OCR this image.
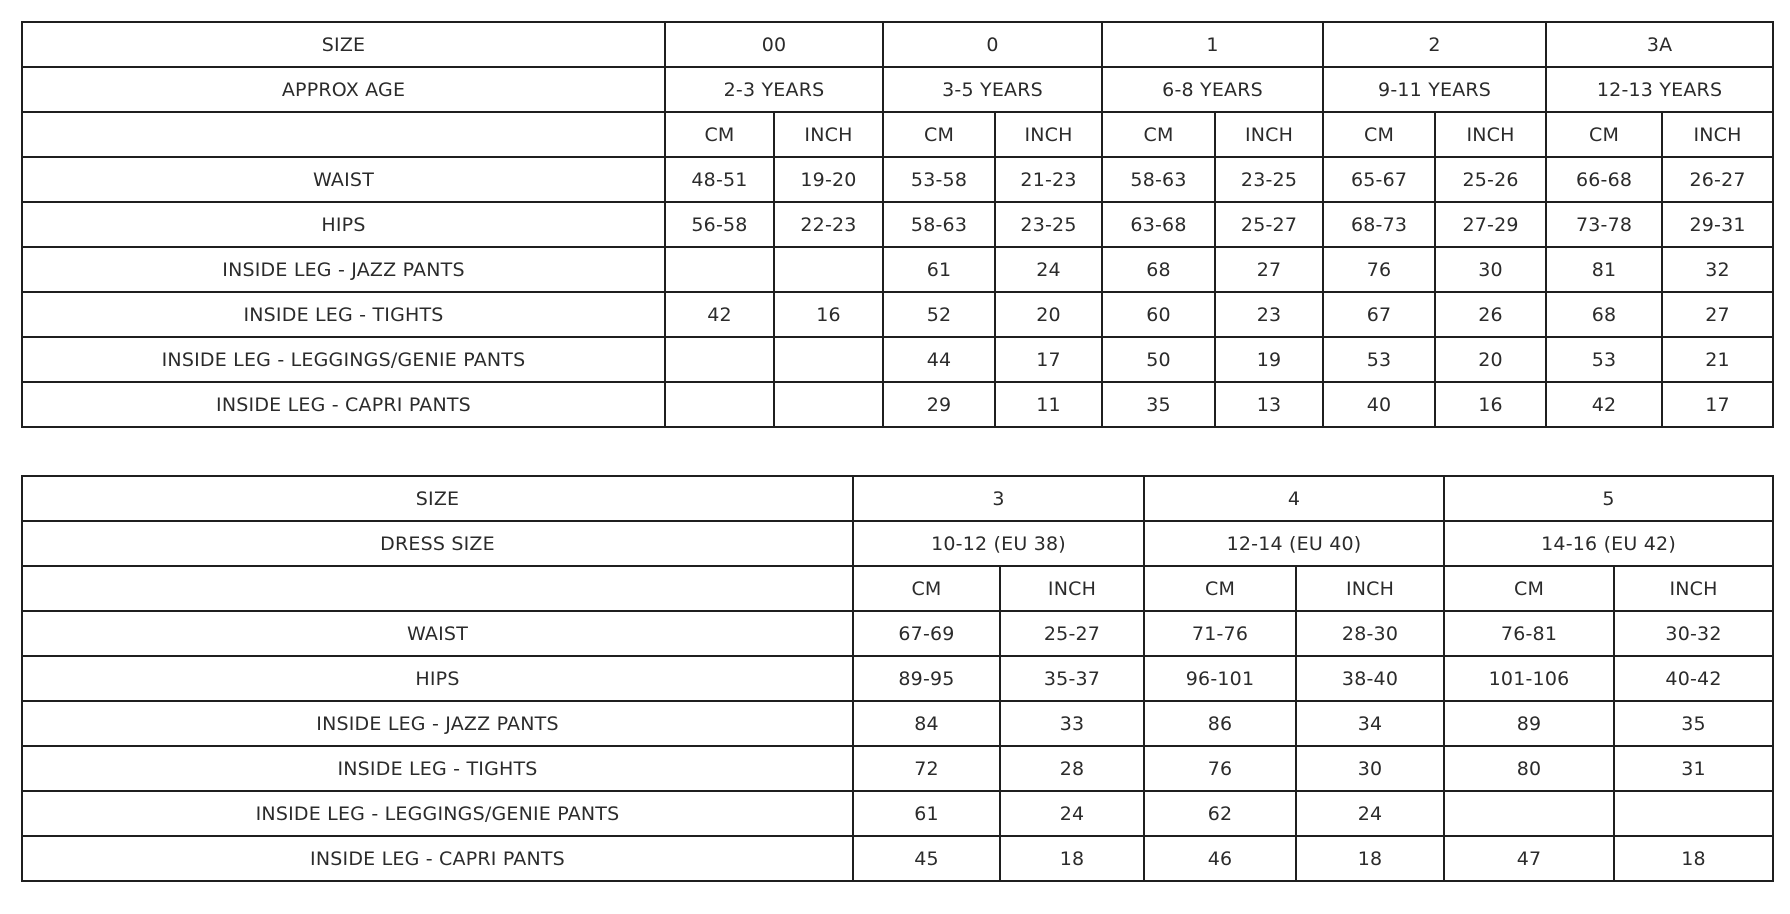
SIZE	00		0		1		2		3A	
APPROX AGE	2-3 YEARS		3-5 YEARS		6-8 YEARS		9-11 YEARS		12-13 YEARS	
	CM	INCH	CM	INCH	CM	INCH	CM	INCH	CM	INCH
WAIST	48-51	19-20	53-58	21-23	58-63	23-25	65-67	25-26	66-68	26-27
HIPS	56-58	22-23	58-63	23-25	63-68	25-27	68-73	27-29	73-78	29-31
INSIDE LEG - JAZZ PANTS			61	24	68	27	76	30	81	32
INSIDE LEG - TIGHTS	42	16	52	20	60	23	67	26	68	27
INSIDE LEG - LEGGINGS/GENIE PANTS			44	17	50	19	53	20	53	21
INSIDE LEG - CAPRI PANTS			29	11	35	13	40	16	42	17
SIZE	3		4		5	
DRESS SIZE	10-12 (EU 38)		12-14 (EU 40)		14-16 (EU 42)	
	CM	INCH	CM	INCH	CM	INCH
WAIST	67-69	25-27	71-76	28-30	76-81	30-32
HIPS	89-95	35-37	96-101	38-40	101-106	40-42
INSIDE LEG - JAZZ PANTS	84	33	86	34	89	35
INSIDE LEG - TIGHTS	72	28	76	30	80	31
INSIDE LEG - LEGGINGS/GENIE PANTS	61	24	62	24		
INSIDE LEG - CAPRI PANTS	45	18	46	18	47	18
